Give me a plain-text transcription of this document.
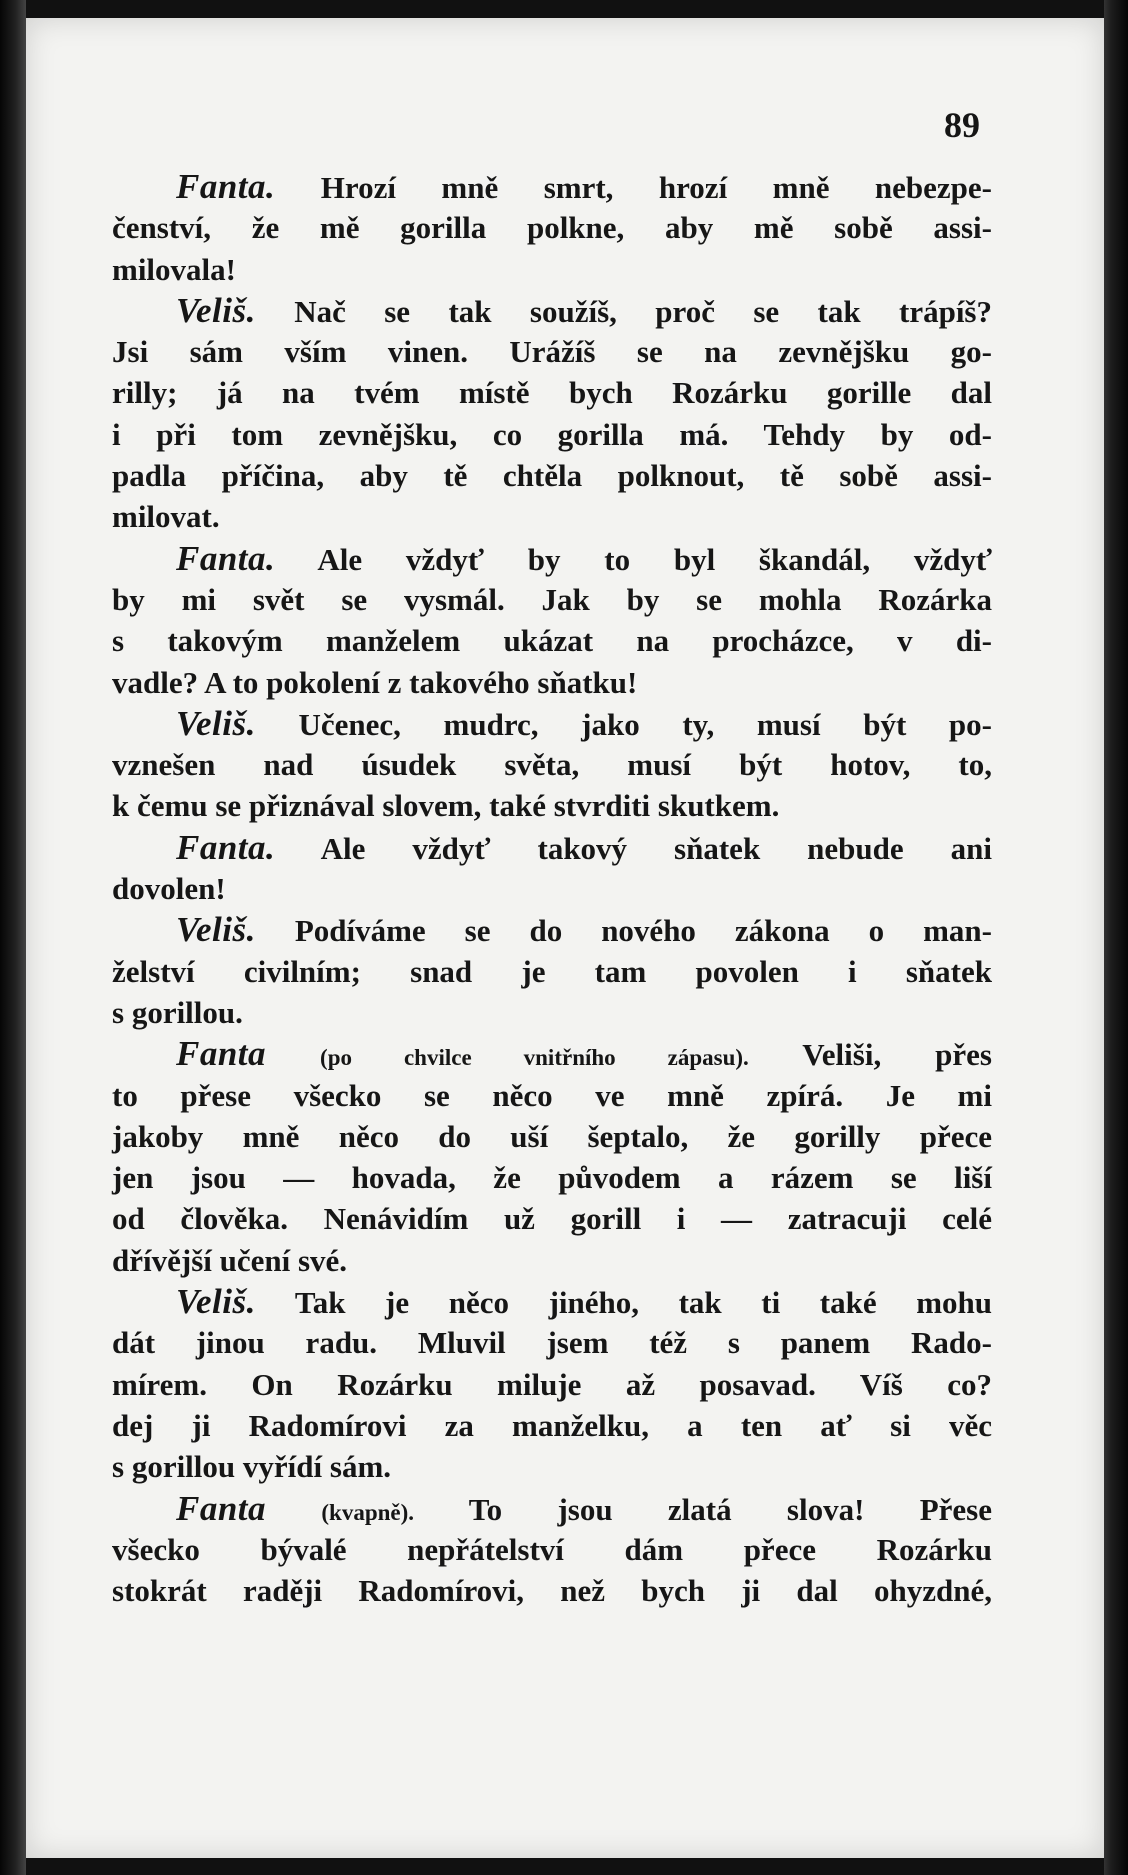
89
Fanta. Hrozí mně smrt, hrozí mně nebezpe-
čenství, že mě gorilla polkne, aby mě sobě assi-
milovala!
Veliš. Nač se tak soužíš, proč se tak trápíš?
Jsi sám vším vinen. Urážíš se na zevnějšku go-
rilly; já na tvém místě bych Rozárku gorille dal
i při tom zevnějšku, co gorilla má. Tehdy by od-
padla příčina, aby tě chtěla polknout, tě sobě assi-
milovat.
Fanta. Ale vždyť by to byl škandál, vždyť
by mi svět se vysmál. Jak by se mohla Rozárka
s takovým manželem ukázat na procházce, v di-
vadle? A to pokolení z takového sňatku!
Veliš. Učenec, mudrc, jako ty, musí být po-
vznešen nad úsudek světa, musí být hotov, to,
k čemu se přiznával slovem, také stvrditi skutkem.
Fanta. Ale vždyť takový sňatek nebude ani
dovolen!
Veliš. Podíváme se do nového zákona o man-
želství civilním; snad je tam povolen i sňatek
s gorillou.
Fanta (po chvilce vnitřního zápasu). Veliši, přes
to přese všecko se něco ve mně zpírá. Je mi
jakoby mně něco do uší šeptalo, že gorilly přece
jen jsou — hovada, že původem a rázem se liší
od člověka. Nenávidím už gorill i — zatracuji celé
dřívější učení své.
Veliš. Tak je něco jiného, tak ti také mohu
dát jinou radu. Mluvil jsem též s panem Rado-
mírem. On Rozárku miluje až posavad. Víš co?
dej ji Radomírovi za manželku, a ten ať si věc
s gorillou vyřídí sám.
Fanta (kvapně). To jsou zlatá slova! Přese
všecko bývalé nepřátelství dám přece Rozárku
stokrát raději Radomírovi, než bych ji dal ohyzdné,
